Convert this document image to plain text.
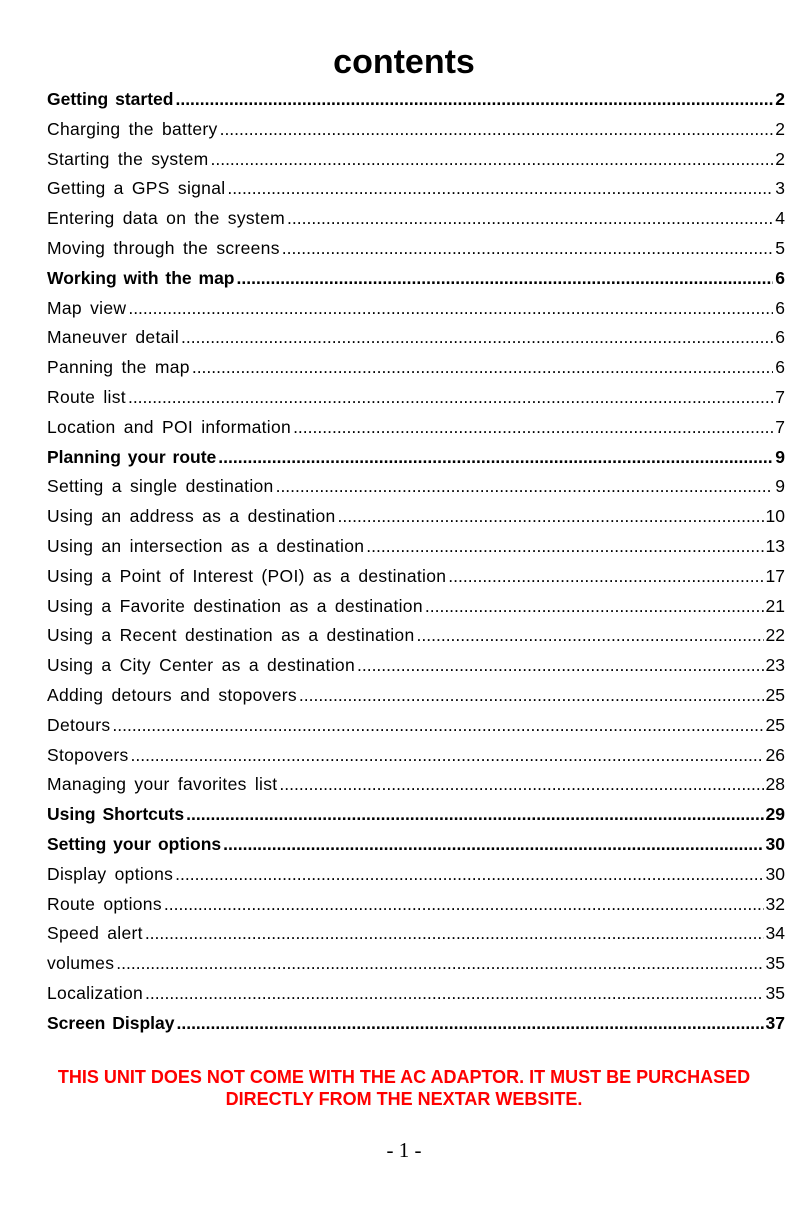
contents
Getting started .....	2
Charging the battery .....	2
Starting the system .....	2
Getting a GPS signal .....	3
Entering data on the system .....	4
Moving through the screens .....	5
Working with the map .....	6
Map view .....	6
Maneuver detail .....	6
Panning the map .....	6
Route list .....	7
Location and POI information .....	7
Planning your route .....	9
Setting a single destination .....	9
Using an address as a destination .....	10
Using an intersection as a destination .....	13
Using a Point of Interest (POI) as a destination .....	17
Using a Favorite destination as a destination .....	21
Using a Recent destination as a destination .....	22
Using a City Center as a destination .....	23
Adding detours and stopovers .....	25
Detours .....	25
Stopovers .....	26
Managing your favorites list .....	28
Using Shortcuts .....	29
Setting your options .....	30
Display options .....	30
Route options .....	32
Speed alert .....	34
volumes .....	35
Localization .....	35
Screen Display .....	37
THIS UNIT DOES NOT COME WITH THE AC ADAPTOR. IT MUST BE PURCHASED
DIRECTLY FROM THE NEXTAR WEBSITE.
- 1 -
